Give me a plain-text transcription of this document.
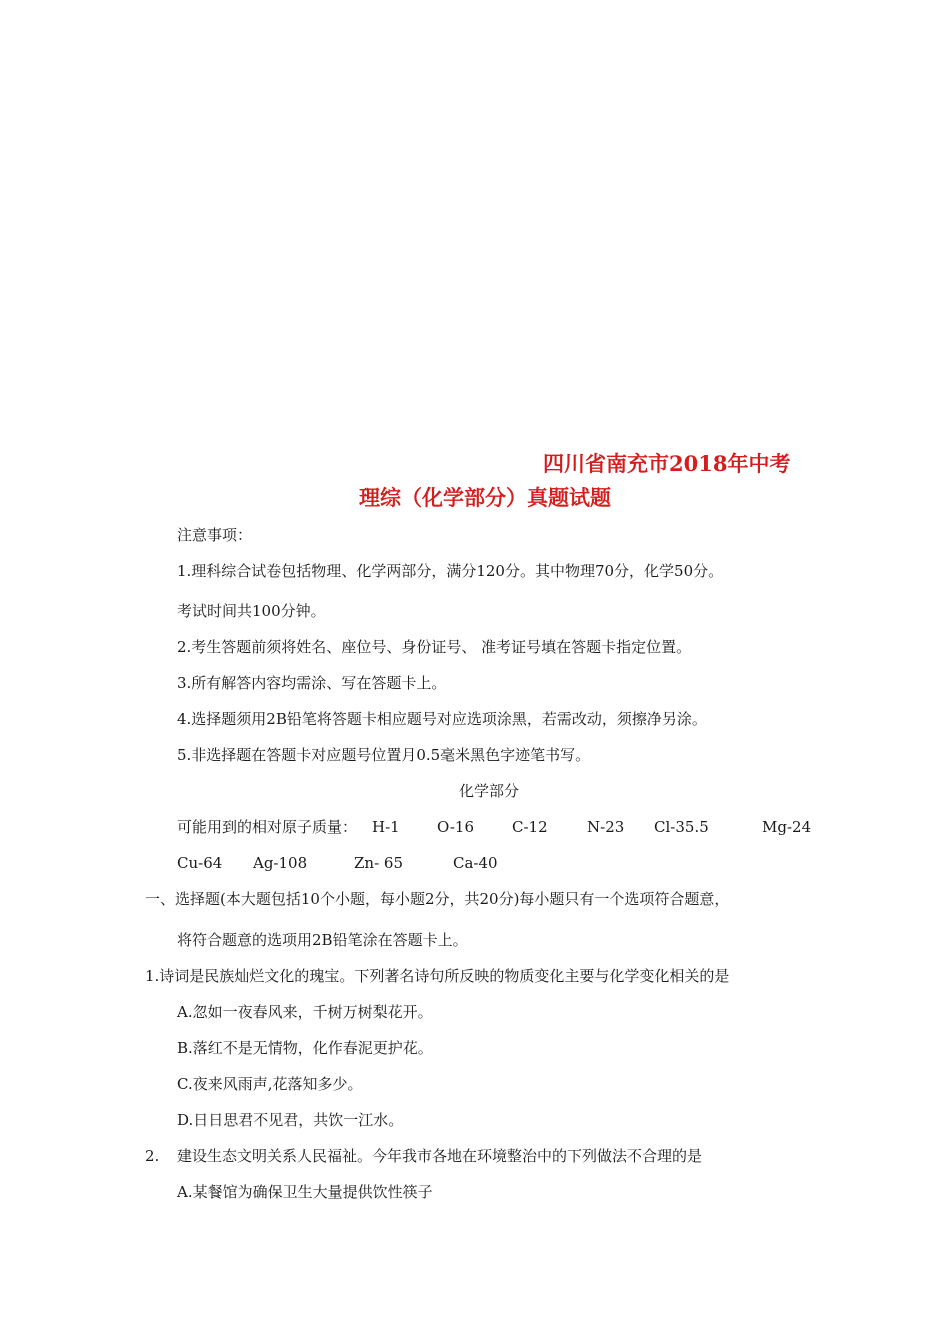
四川省南充市2018年中考
理综（化学部分）真题试题

注意事项：

1.理科综合试卷包括物理、化学两部分，满分120分。其中物理70分，化学50分。

考试时间共100分钟。

2.考生答题前须将姓名、座位号、身份证号、 准考证号填在答题卡指定位置。

3.所有解答内容均需涂、写在答题卡上。

4.选择题须用2B铅笔将答题卡相应题号对应选项涂黑，若需改动，须擦净另涂。

5.非选择题在答题卡对应题号位置月0.5毫米黑色字迹笔书写。

化学部分

可能用到的相对原子质量： H-1 O-16	C-12	N-23 Cl-35.5	Mg-24
Cu-64 Ag-108	Zn- 65	Ca-40

一、选择题(本大题包括10个小题，每小题2分，共20分)每小题只有一个选项符合题意，

将符合题意的选项用2B铅笔涂在答题卡上。

1.诗词是民族灿烂文化的瑰宝。下列著名诗句所反映的物质变化主要与化学变化相关的是

A.忽如一夜春风来，千树万树梨花开。

B.落红不是无情物，化作春泥更护花。

C.夜来风雨声,花落知多少。

D.日日思君不见君，共饮一江水。

2. 建设生态文明关系人民福祉。今年我市各地在环境整治中的下列做法不合理的是

A.某餐馆为确保卫生大量提供饮性筷子
